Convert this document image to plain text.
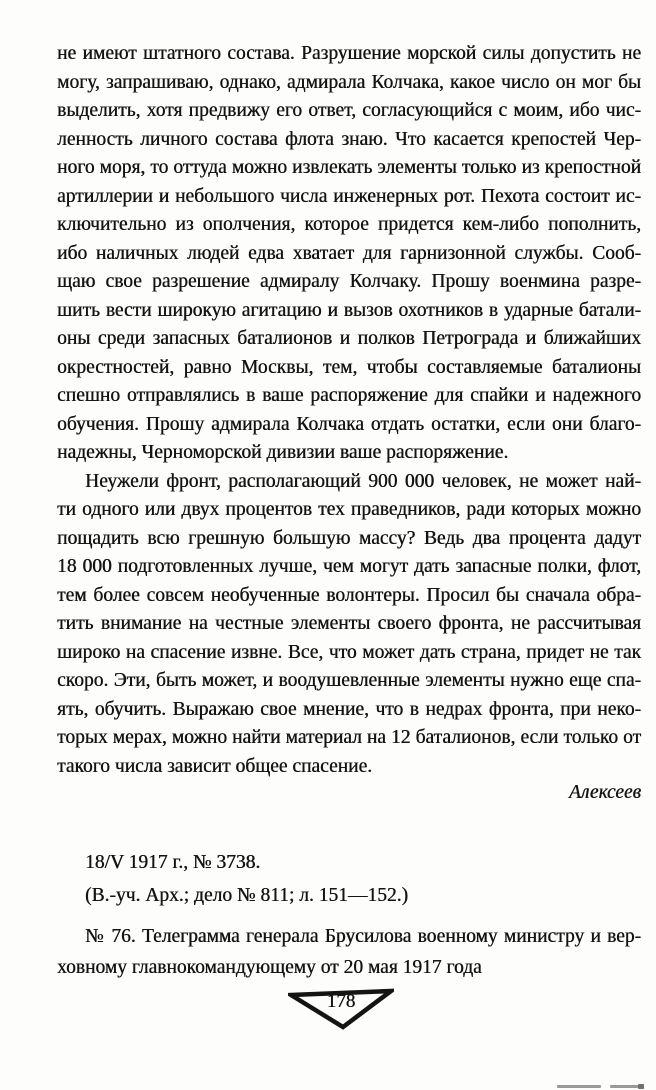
не имеют штатного состава. Разрушение морской силы допустить не
могу, запрашиваю, однако, адмирала Колчака, какое число он мог бы
выделить, хотя предвижу его ответ, согласующийся с моим, ибо чис-
ленность личного состава флота знаю. Что касается крепостей Чер-
ного моря, то оттуда можно извлекать элементы только из крепостной
артиллерии и небольшого числа инженерных рот. Пехота состоит ис-
ключительно из ополчения, которое придется кем-либо пополнить,
ибо наличных людей едва хватает для гарнизонной службы. Сооб-
щаю свое разрешение адмиралу Колчаку. Прошу военмина разре-
шить вести широкую агитацию и вызов охотников в ударные батали-
оны среди запасных баталионов и полков Петрограда и ближайших
окрестностей, равно Москвы, тем, чтобы составляемые баталионы
спешно отправлялись в ваше распоряжение для спайки и надежного
обучения. Прошу адмирала Колчака отдать остатки, если они благо-
надежны, Черноморской дивизии ваше распоряжение.
Неужели фронт, располагающий 900 000 человек, не может най-
ти одного или двух процентов тех праведников, ради которых можно
пощадить всю грешную большую массу? Ведь два процента дадут
18 000 подготовленных лучше, чем могут дать запасные полки, флот,
тем более совсем необученные волонтеры. Просил бы сначала обра-
тить внимание на честные элементы своего фронта, не рассчитывая
широко на спасение извне. Все, что может дать страна, придет не так
скоро. Эти, быть может, и воодушевленные элементы нужно еще спа-
ять, обучить. Выражаю свое мнение, что в недрах фронта, при неко-
торых мерах, можно найти материал на 12 баталионов, если только от
такого числа зависит общее спасение.
Алексеев
18/V 1917 г., № 3738.
(В.-уч. Арх.; дело № 811; л. 151—152.)
№ 76. Телеграмма генерала Брусилова военному министру и вер-
ховному главнокомандующему от 20 мая 1917 года
178
